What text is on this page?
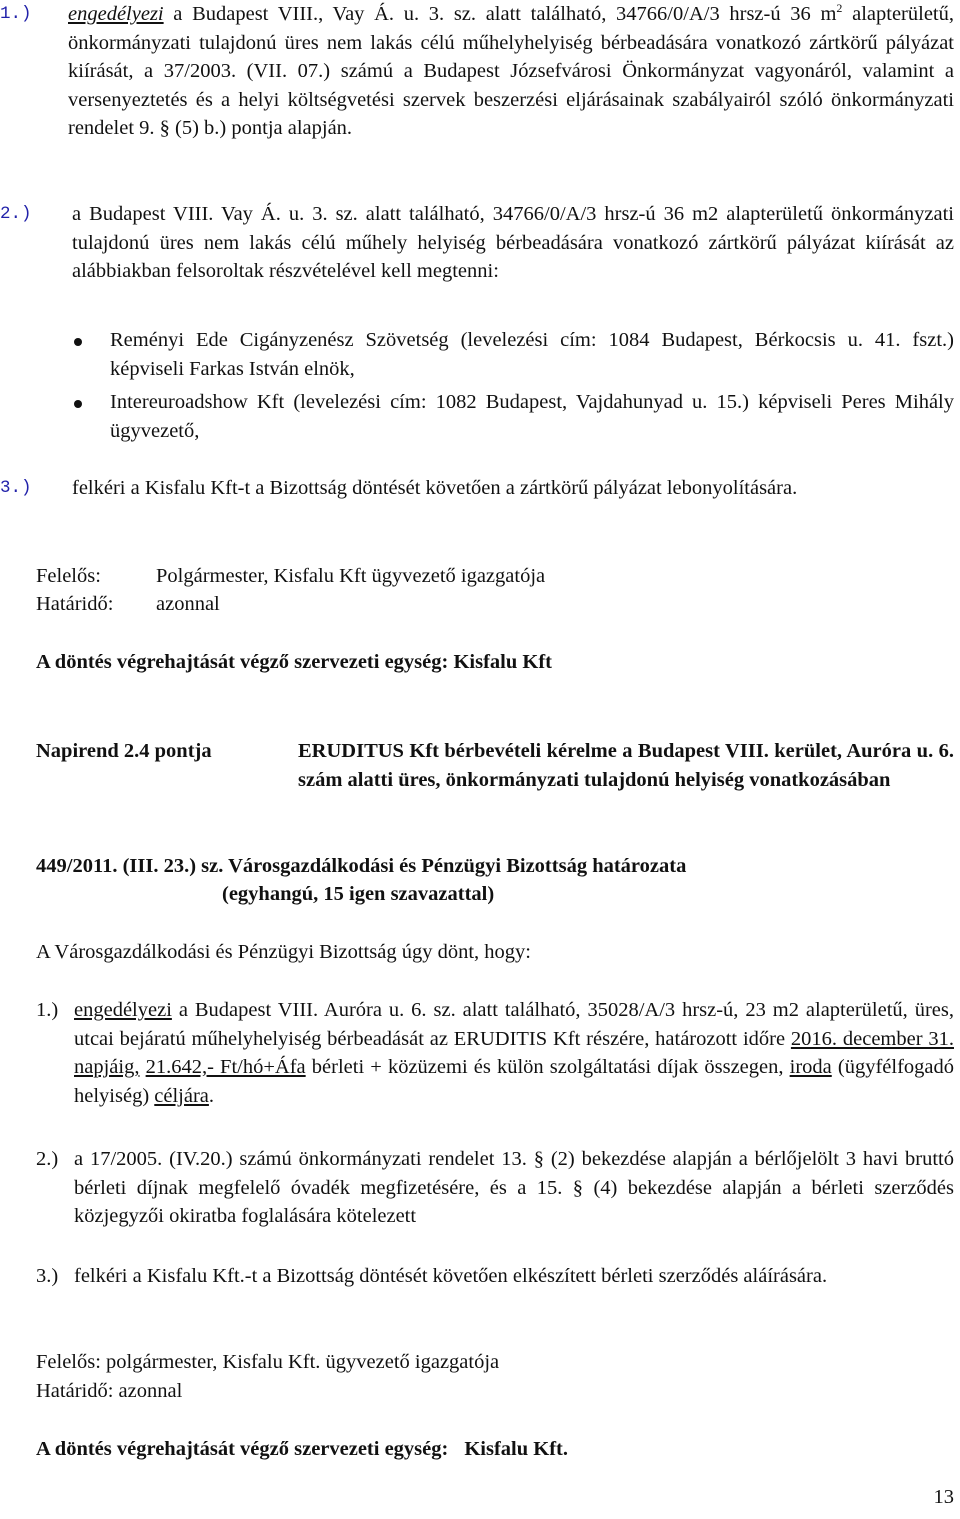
1.)	engedélyezi a Budapest VIII., Vay Á. u. 3. sz. alatt található, 34766/0/A/3 hrsz-ú 36 $m^2$ alapterületű, önkormányzati tulajdonú üres nem lakás célú műhelyhelyiség bérbeadására vonatkozó zártkörű pályázat kiírását, a 37/2003. (VII. 07.) számú a Budapest Józsefvárosi Önkormányzat vagyonáról, valamint a versenyeztetés és a helyi költségvetési szervek beszerzési eljárásainak szabályairól szóló önkormányzati rendelet 9. § (5) b.) pontja alapján.
2.)	a Budapest VIII. Vay Á. u. 3. sz. alatt található, 34766/0/A/3 hrsz-ú 36 m2 alapterületű önkormányzati tulajdonú üres nem lakás célú műhely helyiség bérbeadására vonatkozó zártkörű pályázat kiírását az alábbiakban felsoroltak részvételével kell megtenni:
Reményi Ede Cigányzenész Szövetség (levelezési cím: 1084 Budapest, Bérkocsis u. 41. fszt.) képviseli Farkas István elnök,
Intereuroadshow Kft (levelezési cím: 1082 Budapest, Vajdahunyad u. 15.) képviseli Peres Mihály ügyvezető,
3.)	felkéri a Kisfalu Kft-t a Bizottság döntését követően a zártkörű pályázat lebonyolítására.
Felelős:	Polgármester, Kisfalu Kft ügyvezető igazgatója
Határidő:	azonnal
A döntés végrehajtását végző szervezeti egység: Kisfalu Kft
Napirend 2.4 pontja	ERUDITUS Kft bérbevételi kérelme a Budapest VIII. kerület, Auróra u. 6. szám alatti üres, önkormányzati tulajdonú helyiség vonatkozásában
449/2011. (III. 23.) sz. Városgazdálkodási és Pénzügyi Bizottság határozata
(egyhangú, 15 igen szavazattal)
A Városgazdálkodási és Pénzügyi Bizottság úgy dönt, hogy:
1.) engedélyezi a Budapest VIII. Auróra u. 6. sz. alatt található, 35028/A/3 hrsz-ú, 23 m2 alapterületű, üres, utcai bejáratú műhelyhelyiség bérbeadását az ERUDITIS Kft részére, határozott időre 2016. december 31. napjáig, 21.642,- Ft/hó+Áfa bérleti + közüzemi és külön szolgáltatási díjak összegen, iroda (ügyfélfogadó helyiség) céljára.
2.) a 17/2005. (IV.20.) számú önkormányzati rendelet 13. § (2) bekezdése alapján a bérlőjelölt 3 havi bruttó bérleti díjnak megfelelő óvadék megfizetésére, és a 15. § (4) bekezdése alapján a bérleti szerződés közjegyzői okiratba foglalására kötelezett
3.) felkéri a Kisfalu Kft.-t a Bizottság döntését követően elkészített bérleti szerződés aláírására.
Felelős: polgármester, Kisfalu Kft. ügyvezető igazgatója
Határidő: azonnal
A döntés végrehajtását végző szervezeti egység: Kisfalu Kft.
13
